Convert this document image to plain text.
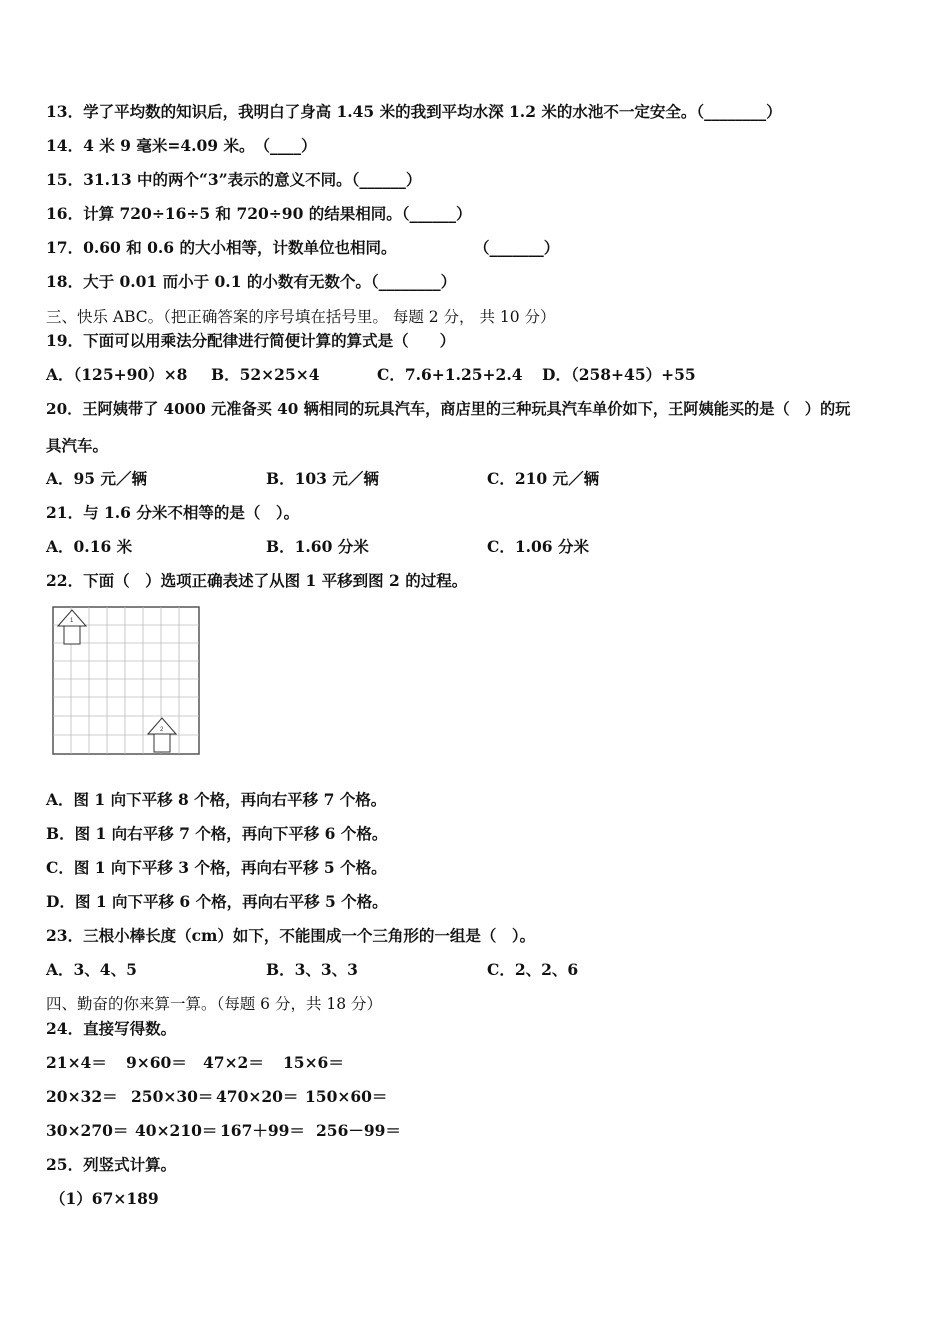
13．学了平均数的知识后，我明白了身高 1.45 米的我到平均水深 1.2 米的水池不一定安全。（________）
14．4 米 9 毫米=4.09 米。　（____）
15．31.13 中的两个“3”表示的意义不同。（______）
16．计算 720÷16÷5 和 720÷90 的结果相同。（______）
17．0.60 和 0.6 的大小相等，计数单位也相同。	（_______）
18．大于 0.01 而小于 0.1 的小数有无数个。（________）
三、快乐 ABC。（把正确答案的序号填在括号里。 每题 2 分， 共 10 分）
19．下面可以用乘法分配律进行简便计算的算式是（　　）
A．（125+90）×8 B．52×25×4	C．7.6+1.25+2.4 D．（258+45）+55
20．王阿姨带了 4000 元准备买 40 辆相同的玩具汽车，商店里的三种玩具汽车单价如下，王阿姨能买的是（　）的玩
具汽车。
A．95 元／辆	B．103 元／辆	C．210 元／辆
21．与 1.6 分米不相等的是（　）。
A．0.16 米	B．1.60 分米	C．1.06 分米
22．下面（　）选项正确表述了从图 1 平移到图 2 的过程。
1
2
A．图 1 向下平移 8 个格，再向右平移 7 个格。
B．图 1 向右平移 7 个格，再向下平移 6 个格。
C．图 1 向下平移 3 个格，再向右平移 5 个格。
D．图 1 向下平移 6 个格，再向右平移 5 个格。
23．三根小棒长度（cm）如下，不能围成一个三角形的一组是（　）。
A．3、4、5	B．3、3、3	C．2、2、6
四、勤奋的你来算一算。（每题 6 分，共 18 分）
24．直接写得数。
21×4＝ 9×60＝ 47×2＝ 15×6＝
20×32＝ 250×30＝ 470×20＝ 150×60＝
30×270＝ 40×210＝ 167＋99＝ 256－99＝
25．列竖式计算。
（1）67×189
